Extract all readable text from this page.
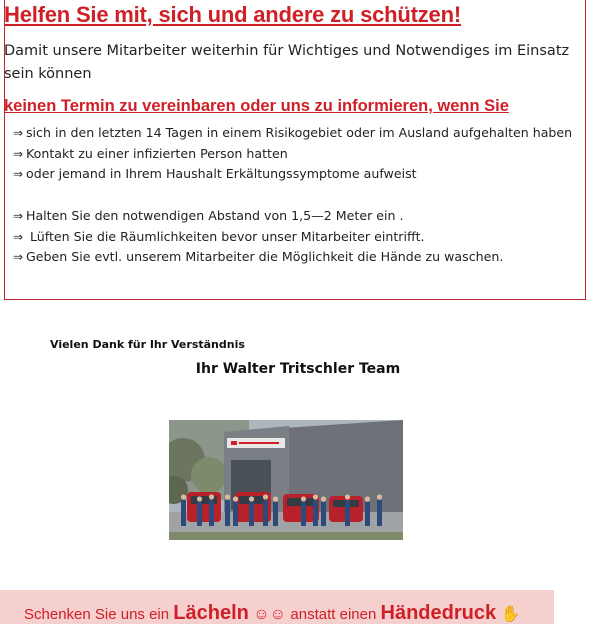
Helfen Sie mit, sich und andere zu schützen!

Damit unsere Mitarbeiter weiterhin für Wichtiges und Notwendiges im Einsatz sein können

keinen Termin zu vereinbaren oder uns zu informieren, wenn Sie
⇒ sich in den letzten 14 Tagen in einem Risikogebiet oder im Ausland aufgehalten haben
⇒ Kontakt zu einer infizierten Person hatten
⇒ oder jemand in Ihrem Haushalt Erkältungssymptome aufweist
⇒ Halten Sie den notwendigen Abstand von 1,5—2 Meter ein .
⇒ Lüften Sie die Räumlichkeiten bevor unser Mitarbeiter eintrifft.
⇒ Geben Sie evtl. unserem Mitarbeiter die Möglichkeit die Hände zu waschen.

Vielen Dank für Ihr Verständnis

Ihr Walter Tritschler Team

Schenken Sie uns ein Lächeln ☺☺ anstatt einen Händedruck ✋
